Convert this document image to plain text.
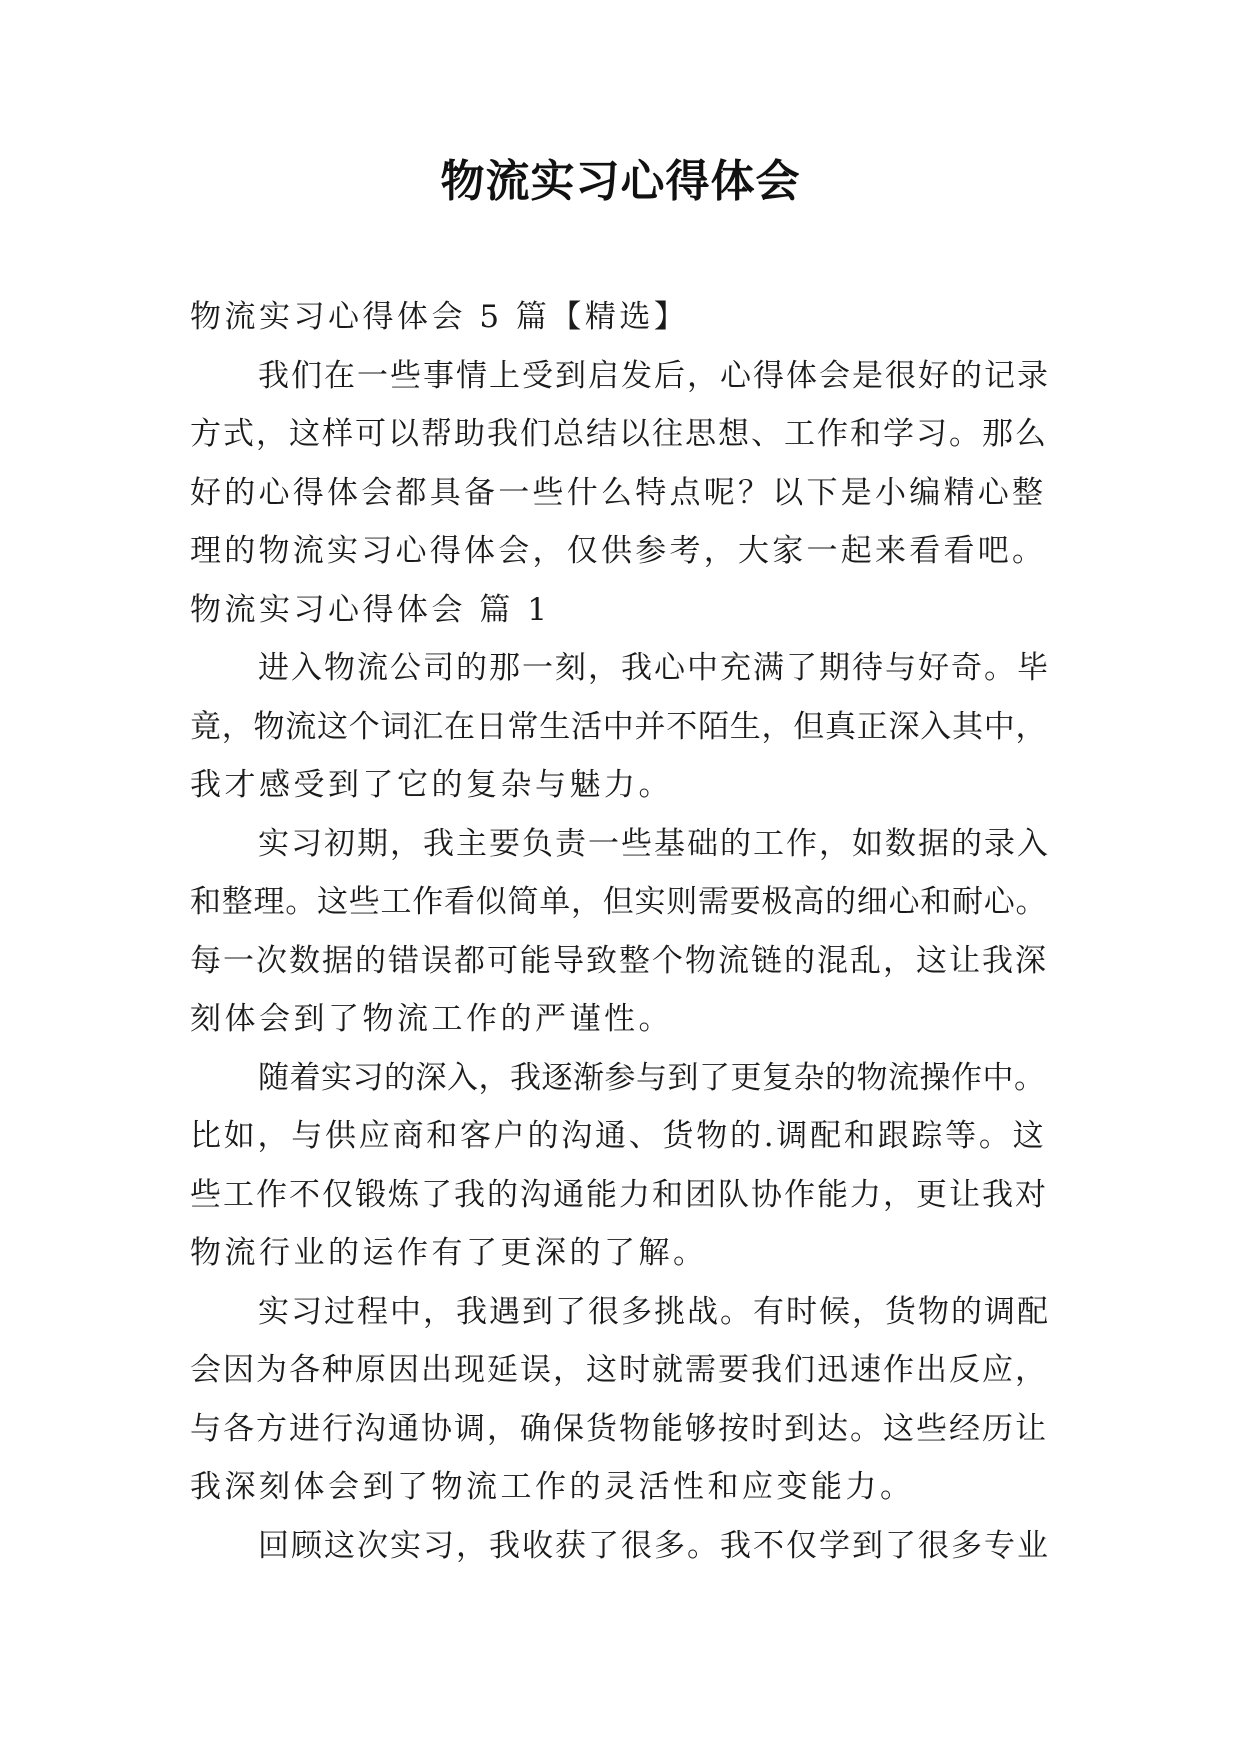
物流实习心得体会

物流实习心得体会 5 篇【精选】

我们在一些事情上受到启发后，心得体会是很好的记录

方式，这样可以帮助我们总结以往思想、工作和学习。那么

好的心得体会都具备一些什么特点呢？以下是小编精心整

理的物流实习心得体会，仅供参考，大家一起来看看吧。

物流实习心得体会 篇 1

进入物流公司的那一刻，我心中充满了期待与好奇。毕

竟，物流这个词汇在日常生活中并不陌生，但真正深入其中，

我才感受到了它的复杂与魅力。

实习初期，我主要负责一些基础的工作，如数据的录入

和整理。这些工作看似简单，但实则需要极高的细心和耐心。

每一次数据的错误都可能导致整个物流链的混乱，这让我深

刻体会到了物流工作的严谨性。

随着实习的深入，我逐渐参与到了更复杂的物流操作中。

比如，与供应商和客户的沟通、货物的.调配和跟踪等。这

些工作不仅锻炼了我的沟通能力和团队协作能力，更让我对

物流行业的运作有了更深的了解。

实习过程中，我遇到了很多挑战。有时候，货物的调配

会因为各种原因出现延误，这时就需要我们迅速作出反应，

与各方进行沟通协调，确保货物能够按时到达。这些经历让

我深刻体会到了物流工作的灵活性和应变能力。

回顾这次实习，我收获了很多。我不仅学到了很多专业
